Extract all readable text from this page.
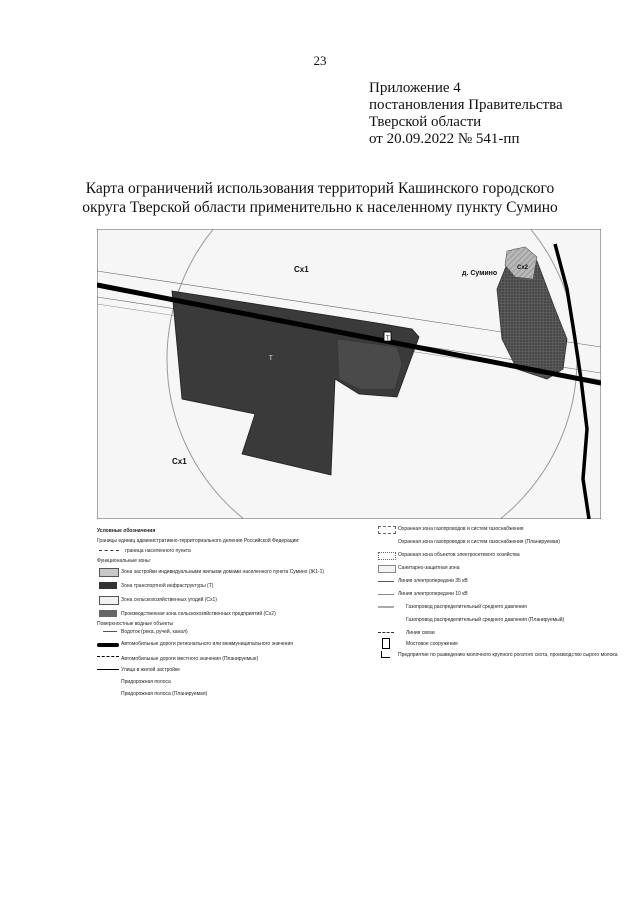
23
Приложение 4
постановления Правительства
Тверской области
от 20.09.2022 № 541-пп
Карта ограничений использования территорий Кашинского городского
округа Тверской области применительно к населенному пункту Сумино
Сх1
Сх1
Сх2
д. Сумино
Т
Т
Условные обозначения
Границы единиц административно-территориального деления Российской Федерации:
граница населенного пункта
Функциональные зоны:
Зона застройки индивидуальными жилыми домами населенного пункта Сумино (Ж1-1)
Зона транспортной инфраструктуры (Т)
Зона сельскохозяйственных угодий (Сх1)
Производственная зона сельскохозяйственных предприятий (Сх2)
Поверхностные водные объекты
Водоток (река, ручей, канал)
Автомобильные дороги регионального или межмуниципального значения
Автомобильные дороги местного значения (Планируемые)
Улица в жилой застройке
Придорожная полоса
Придорожная полоса (Планируемая)
Охранная зона газопроводов и систем газоснабжения
Охранная зона газопроводов и систем газоснабжения (Планируемая)
Охранная зона объектов электросетевого хозяйства
Санитарно-защитная зона
Линия электропередачи 35 кВ
Линия электропередачи 10 кВ
Газопровод распределительный среднего давления
Газопровод распределительный среднего давления (Планируемый)
Линия связи
Мостовое сооружение
Предприятие по разведению молочного крупного рогатого скота, производство сырого молока
